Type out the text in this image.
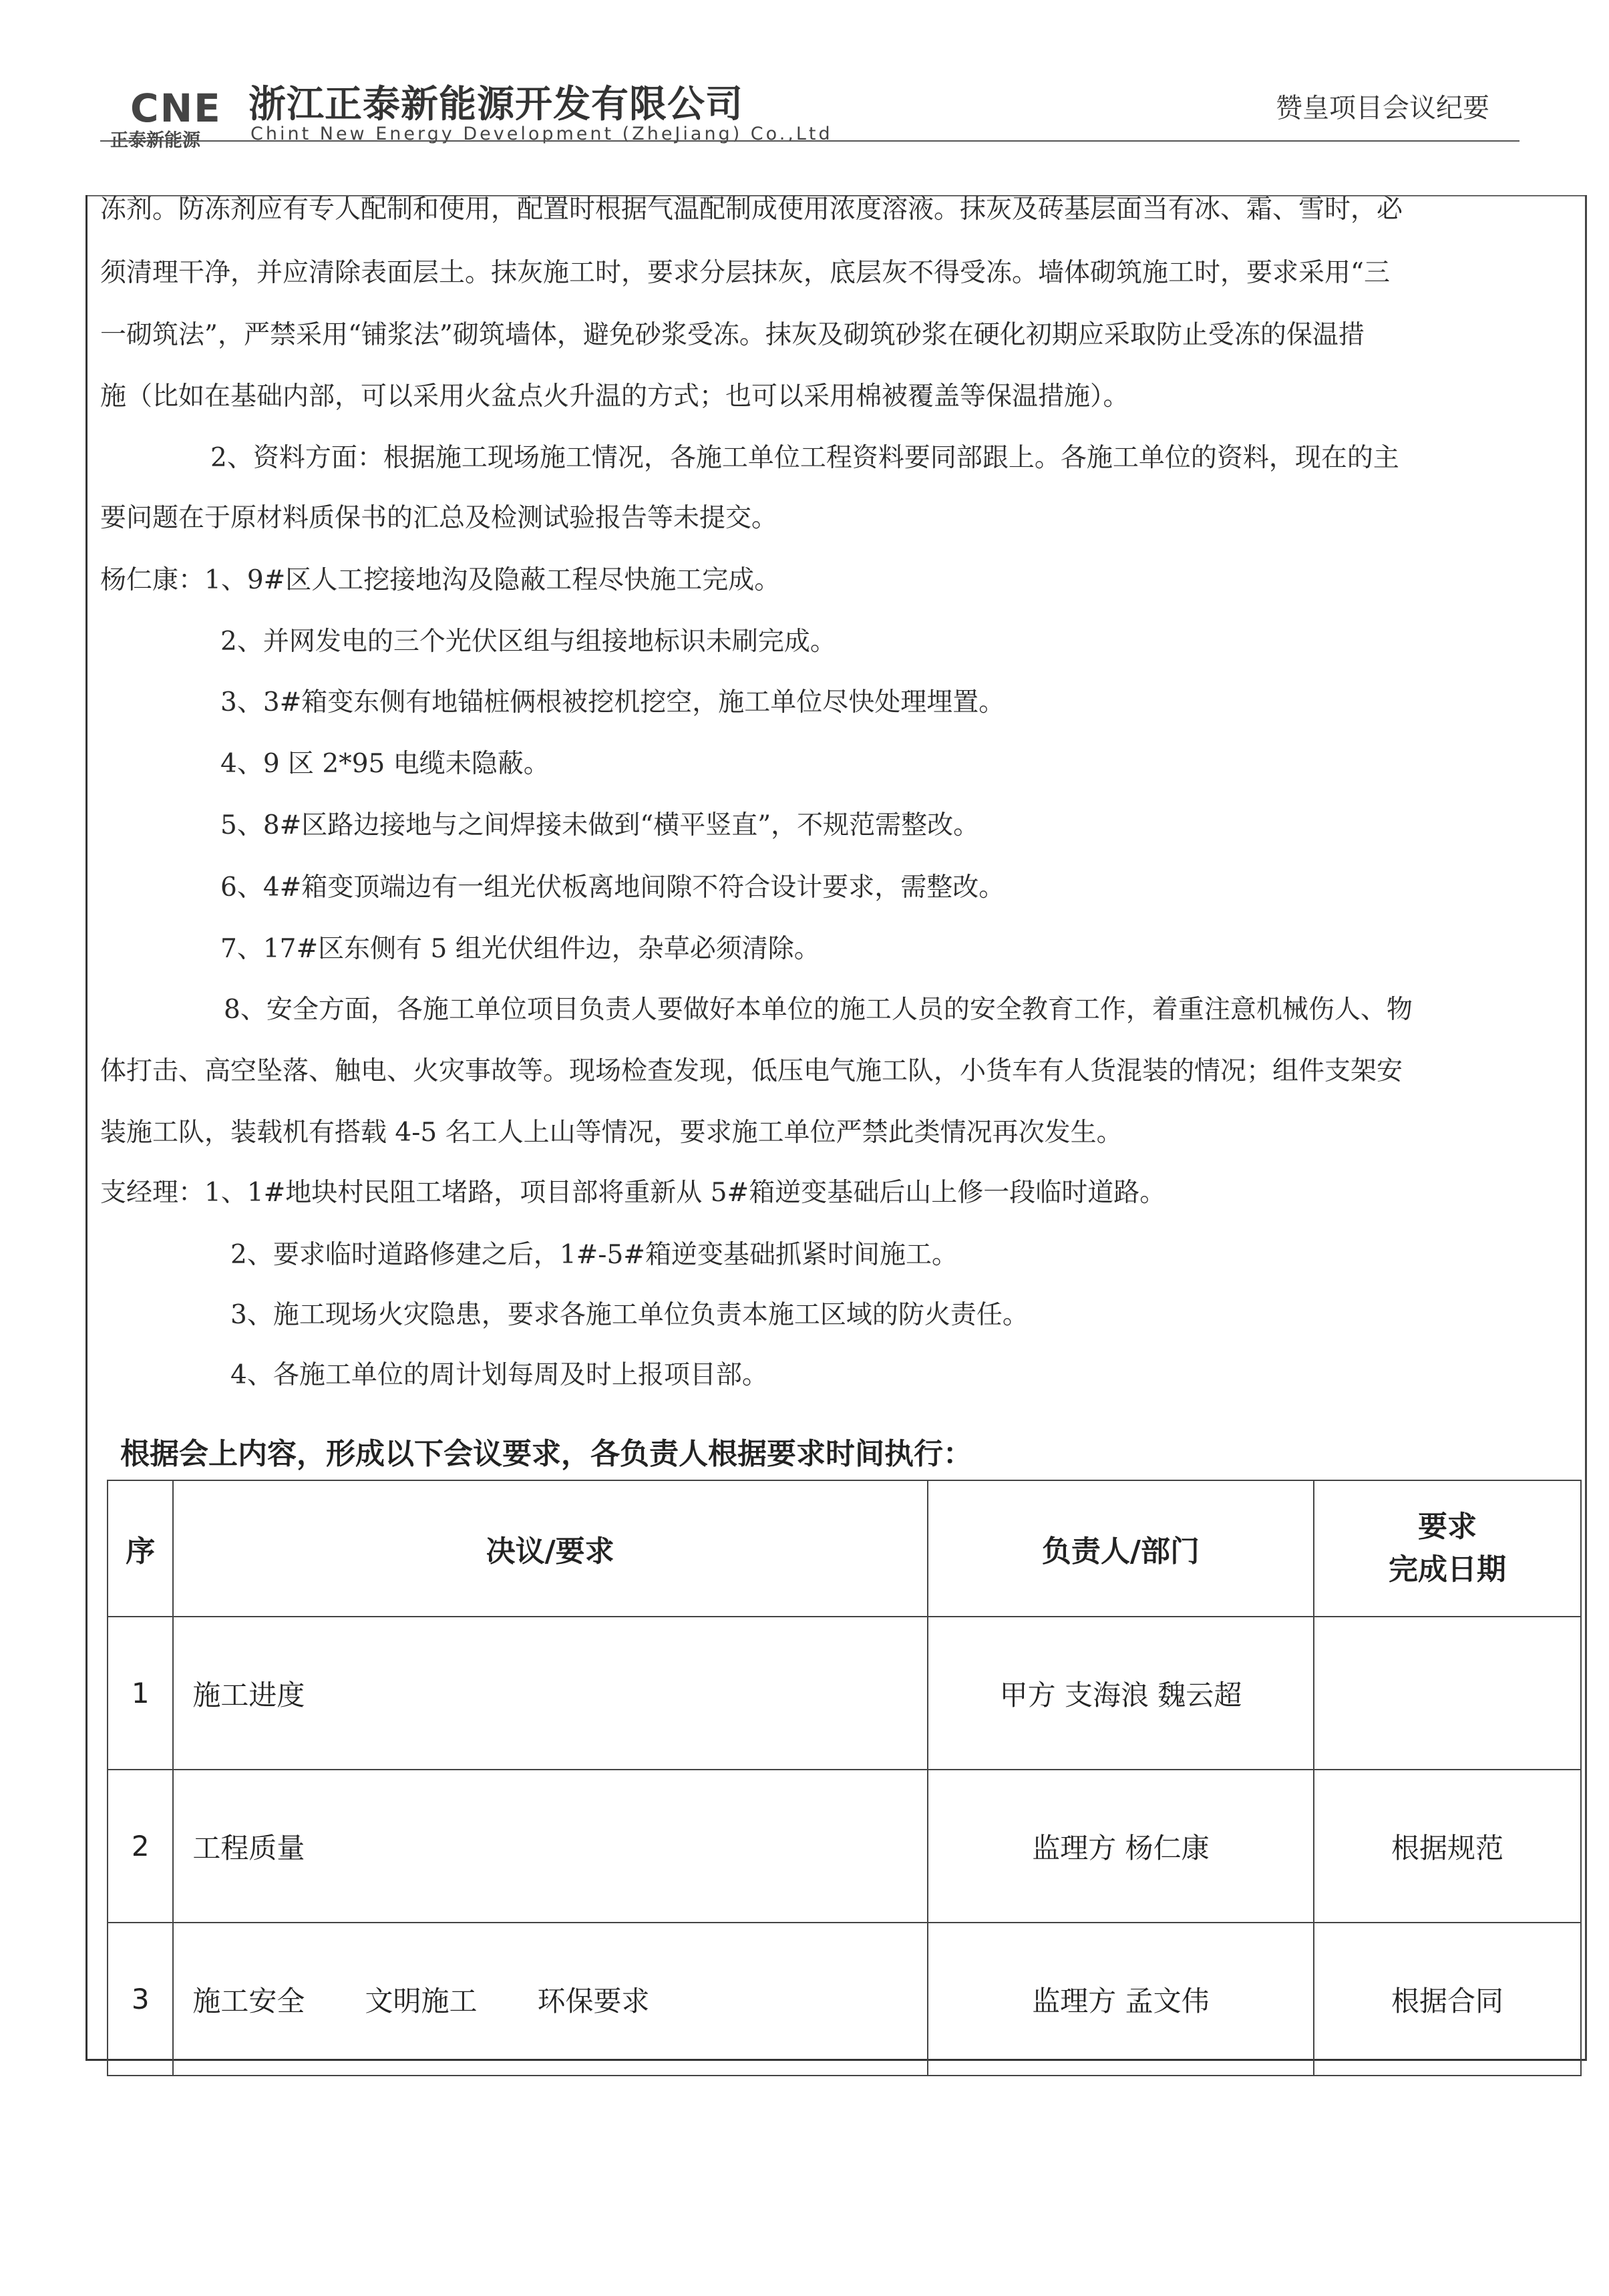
CNE
正泰新能源
浙江正泰新能源开发有限公司
Chint New Energy Development (ZheJiang) Co.,Ltd
赞皇项目会议纪要
冻剂。防冻剂应有专人配制和使用，配置时根据气温配制成使用浓度溶液。抹灰及砖基层面当有冰、霜、雪时，必
须清理干净，并应清除表面层土。抹灰施工时，要求分层抹灰，底层灰不得受冻。墙体砌筑施工时，要求采用“三
一砌筑法”，严禁采用“铺浆法”砌筑墙体，避免砂浆受冻。抹灰及砌筑砂浆在硬化初期应采取防止受冻的保温措
施（比如在基础内部，可以采用火盆点火升温的方式；也可以采用棉被覆盖等保温措施）。
2、资料方面：根据施工现场施工情况，各施工单位工程资料要同部跟上。各施工单位的资料，现在的主
要问题在于原材料质保书的汇总及检测试验报告等未提交。
杨仁康：1、9#区人工挖接地沟及隐蔽工程尽快施工完成。
2、并网发电的三个光伏区组与组接地标识未刷完成。
3、3#箱变东侧有地锚桩俩根被挖机挖空，施工单位尽快处理埋置。
4、9 区 2*95 电缆未隐蔽。
5、8#区路边接地与之间焊接未做到“横平竖直”，不规范需整改。
6、4#箱变顶端边有一组光伏板离地间隙不符合设计要求，需整改。
7、17#区东侧有 5 组光伏组件边，杂草必须清除。
8、安全方面，各施工单位项目负责人要做好本单位的施工人员的安全教育工作，着重注意机械伤人、物
体打击、高空坠落、触电、火灾事故等。现场检查发现，低压电气施工队，小货车有人货混装的情况；组件支架安
装施工队，装载机有搭载 4-5 名工人上山等情况，要求施工单位严禁此类情况再次发生。
支经理：1、1#地块村民阻工堵路，项目部将重新从 5#箱逆变基础后山上修一段临时道路。
2、要求临时道路修建之后，1#-5#箱逆变基础抓紧时间施工。
3、施工现场火灾隐患，要求各施工单位负责本施工区域的防火责任。
4、各施工单位的周计划每周及时上报项目部。
根据会上内容，形成以下会议要求，各负责人根据要求时间执行：
序	决议/要求	负责人/部门	要求
完成日期

1	施工进度	甲方 支海浪 魏云超	
2	工程质量	监理方 杨仁康	根据规范
3	施工安全 文明施工 环保要求	监理方 孟文伟	根据合同
